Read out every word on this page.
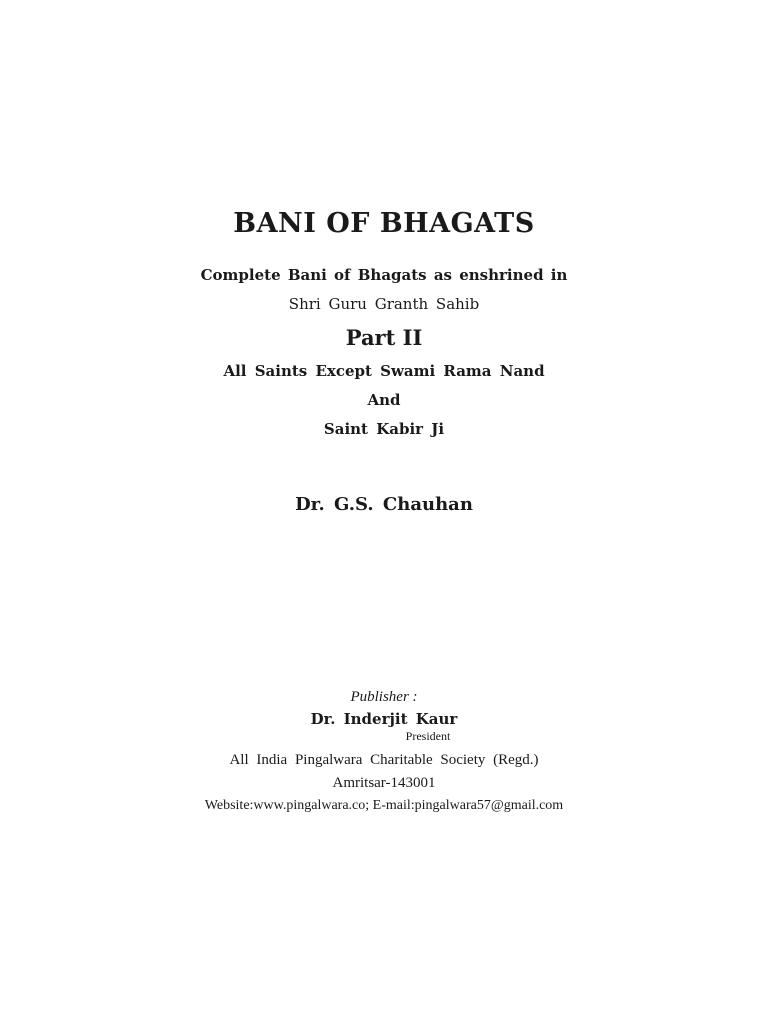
BANI OF BHAGATS
Complete Bani of Bhagats as enshrined in
Shri Guru Granth Sahib
Part II
All Saints Except Swami Rama Nand
And
Saint Kabir Ji
Dr. G.S. Chauhan
Publisher :
Dr. Inderjit Kaur
President
All India Pingalwara Charitable Society (Regd.)
Amritsar-143001
Website:www.pingalwara.co; E-mail:pingalwara57@gmail.com
